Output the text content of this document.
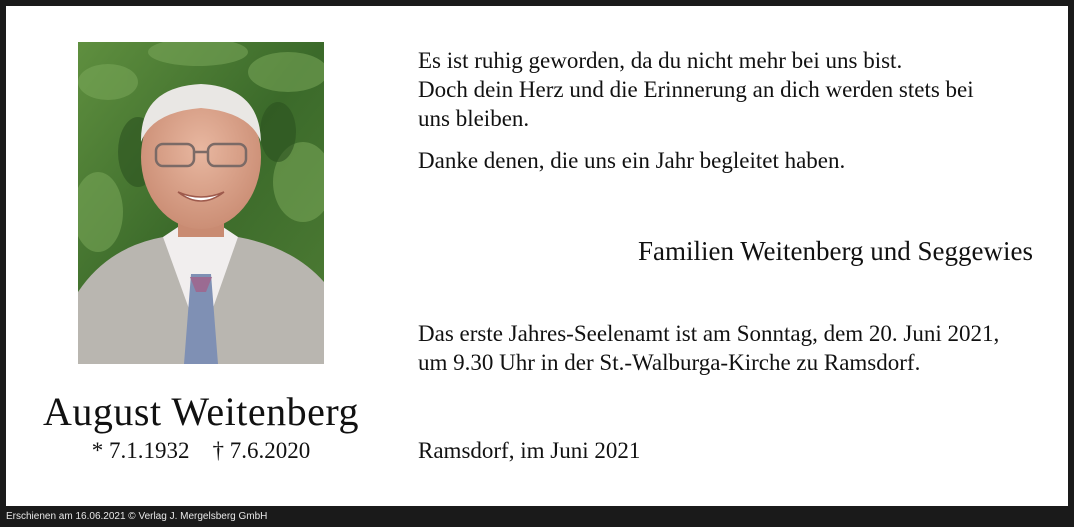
August Weitenberg
* 7.1.1932    † 7.6.2020

Es ist ruhig geworden, da du nicht mehr bei uns bist.
Doch dein Herz und die Erinnerung an dich werden stets bei
uns bleiben.

Danke denen, die uns ein Jahr begleitet haben.

Familien Weitenberg und Seggewies
Das erste Jahres-Seelenamt ist am Sonntag, dem 20. Juni 2021,
um 9.30 Uhr in der St.-Walburga-Kirche zu Ramsdorf.
Ramsdorf, im Juni 2021
Erschienen am 16.06.2021 © Verlag J. Mergelsberg GmbH
